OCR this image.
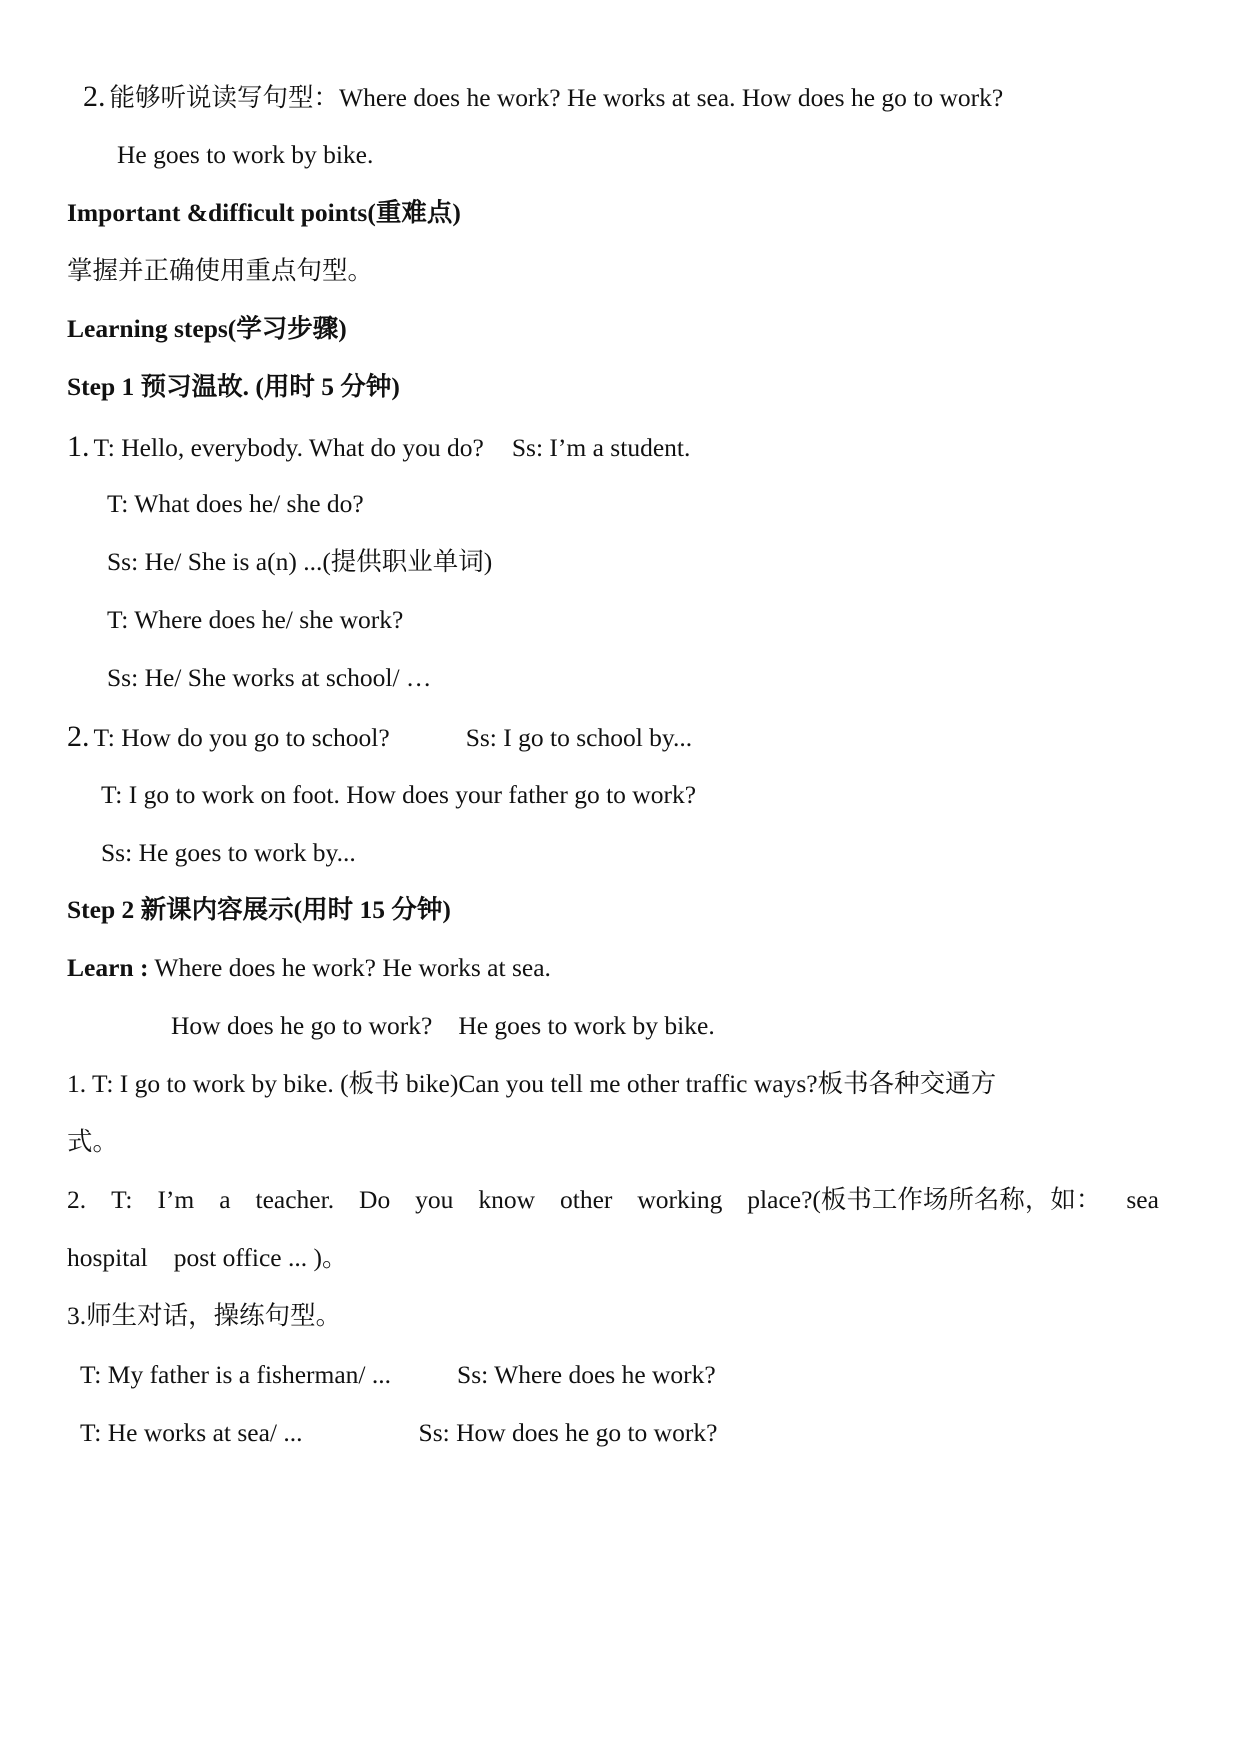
2. 能够听说读写句型：Where does he work? He works at sea. How does he go to work?
He goes to work by bike.
Important &difficult points(重难点)
掌握并正确使用重点句型。
Learning steps(学习步骤)
Step 1 预习温故. (用时 5 分钟)
1. T: Hello, everybody. What do you do? Ss: I’m a student.
T: What does he/ she do?
Ss: He/ She is a(n) ...(提供职业单词)
T: Where does he/ she work?
Ss: He/ She works at school/ …
2. T: How do you go to school?	Ss: I go to school by...
T: I go to work on foot. How does your father go to work?
Ss: He goes to work by...
Step 2 新课内容展示(用时 15 分钟)
Learn : Where does he work? He works at sea.
How does he go to work? He goes to work by bike.
1. T: I go to work by bike. (板书 bike)Can you tell me other traffic ways?板书各种交通方
式。
2. T: I’m a teacher. Do you know other working place?(板书工作场所名称，如： sea
hospital post office ... )。
3.师生对话，操练句型。
T: My father is a fisherman/ ...	Ss: Where does he work?
T: He works at sea/ ...	Ss: How does he go to work?
